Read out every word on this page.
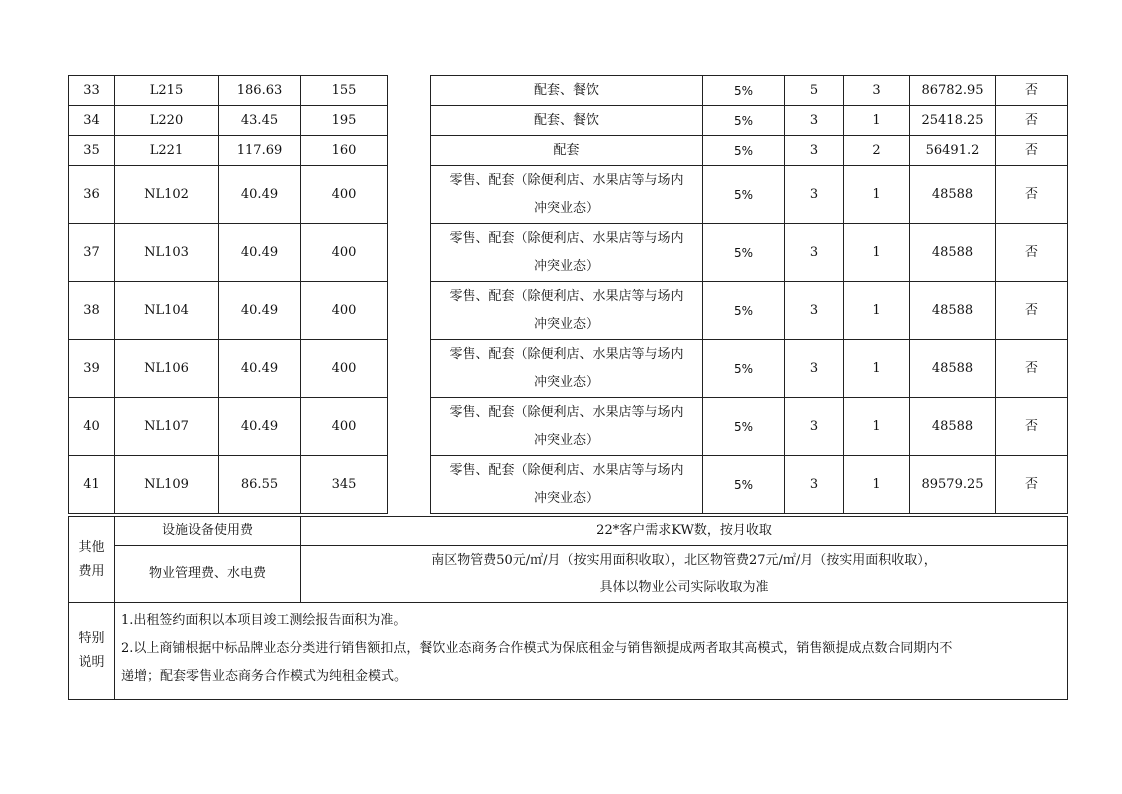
33	L215	186.63	155		配套、餐饮	5%	5	3	86782.95	否
34	L220	43.45	195		配套、餐饮	5%	3	1	25418.25	否
35	L221	117.69	160		配套	5%	3	2	56491.2	否
36	NL102	40.49	400		零售、配套（除便利店、水果店等与场内
冲突业态）	5%	3	1	48588	否
37	NL103	40.49	400		零售、配套（除便利店、水果店等与场内
冲突业态）	5%	3	1	48588	否
38	NL104	40.49	400		零售、配套（除便利店、水果店等与场内
冲突业态）	5%	3	1	48588	否
39	NL106	40.49	400		零售、配套（除便利店、水果店等与场内
冲突业态）	5%	3	1	48588	否
40	NL107	40.49	400		零售、配套（除便利店、水果店等与场内
冲突业态）	5%	3	1	48588	否
41	NL109	86.55	345		零售、配套（除便利店、水果店等与场内
冲突业态）	5%	3	1	89579.25	否
其他
费用	设施设备使用费	22*客户需求KW数，按月收取
	物业管理费、水电费	南区物管费50元/㎡/月（按实用面积收取），北区物管费27元/㎡/月（按实用面积收取），
具体以物业公司实际收取为准

特别
说明	1.出租签约面积以本项目竣工测绘报告面积为准。
2.以上商铺根据中标品牌业态分类进行销售额扣点，餐饮业态商务合作模式为保底租金与销售额提成两者取其高模式，销售额提成点数合同期内不
递增；配套零售业态商务合作模式为纯租金模式。	
